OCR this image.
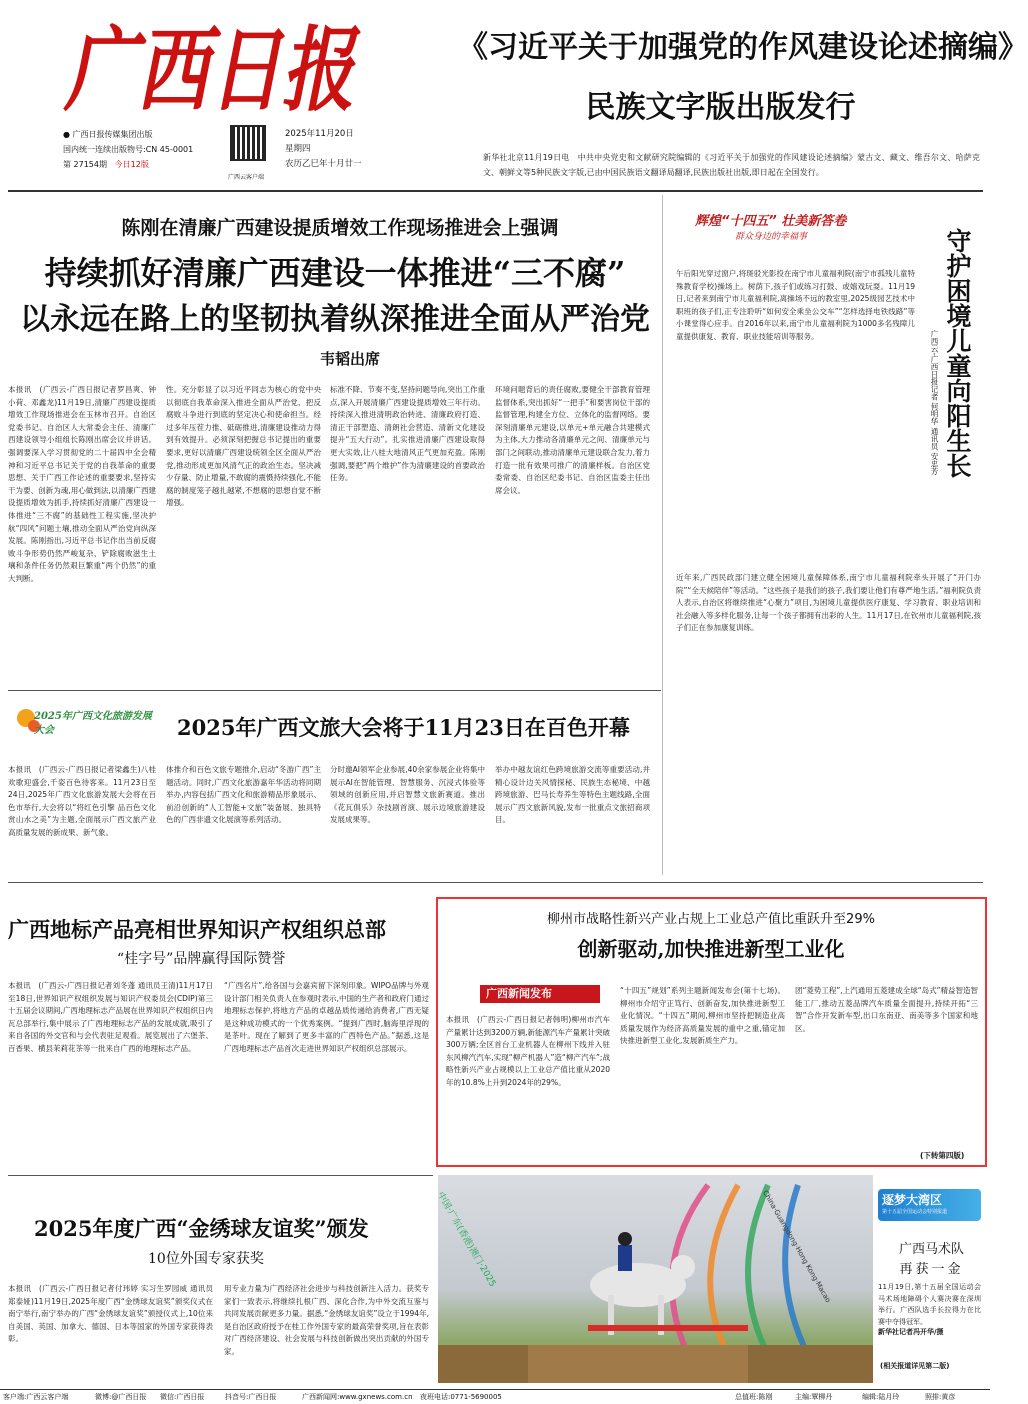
广西日报	《习近平关于加强党的作风建设论述摘编》
民族文字版出版发行
● 广西日报传媒集团出版
国内统一连续出版物号:CN 45-0001
第 27154期 今日12版
广西云客户端
2025年11月20日
星期四
农历乙巳年十月廿一
新华社北京11月19日电　中共中央党史和文献研究院编辑的《习近平关于加强党的作风建设论述摘编》蒙古文、藏文、维吾尔文、哈萨克文、朝鲜文等5种民族文字版,已由中国民族语文翻译局翻译,民族出版社出版,即日起在全国发行。
陈刚在清廉广西建设提质增效工作现场推进会上强调
持续抓好清廉广西建设一体推进“三不腐”
以永远在路上的坚韧执着纵深推进全面从严治党
韦韬出席
本报讯　(广西云-广西日报记者罗昌爽、钟小荷、邓鑫龙)11月19日,清廉广西建设提质增效工作现场推进会在玉林市召开。自治区党委书记、自治区人大常委会主任、清廉广西建设领导小组组长陈刚出席会议并讲话。强调要深入学习贯彻党的二十届四中全会精神和习近平总书记关于党的自我革命的重要思想、关于广西工作论述的重要要求,坚持实干为要、创新为魂,用心做到法,以清廉广西建设提质增效为抓手,持续抓好清廉广西建设一体推进“三不腐”的基础性工程实施,坚决护航“四风”问题土壤,推动全面从严治党向纵深发展。陈刚指出,习近平总书记作出当前反腐败斗争形势仍然严峻复杂、铲除腐败滋生土壤和条件任务仍然艰巨繁重“两个仍然”的重大判断。
性。充分彰显了以习近平同志为核心的党中央以彻底自我革命深入推进全面从严治党、把反腐败斗争进行到底的坚定决心和使命担当。经过多年压茬力推、砥砺推进,清廉建设推动力得到有效提升。必须深刻把握总书记提出的重要要求,更好以清廉广西建设统领全区全面从严治党,推动形成更加风清气正的政治生态。坚决减少存量、防止增量,不敢腐的震慑持续强化,不能腐的制度笼子越扎越紧,不想腐的思想自觉不断增强。
标准不降、节奏不变,坚持问题导向,突出工作重点,深入开展清廉广西建设提质增效三年行动。持续深入推进清明政治转进、清廉政府打造、清正干部塑造、清朗社会营造、清新文化建设提升“五大行动”。扎实推进清廉广西建设取得更大实效,让八桂大地清风正气更加充盈。陈刚强调,要把“两个维护”作为清廉建设的首要政治任务。
环境问题背后的责任腐败,要健全干部教育管理监督体系,突出抓好“一把手”和要害岗位干部的监督管理,构建全方位、立体化的监督网络。要深刻清廉单元建设,以单元+单元融合共建模式为主体,大力推动各清廉单元之间、清廉单元与部门之间联动,推动清廉单元建设联合发力,着力打造一批有效果可推广的清廉样板。自治区党委常委、自治区纪委书记、自治区监委主任出席会议。
辉煌“十四五” 壮美新答卷
群众身边的幸福事
午后阳光穿过窗户,将斑驳光影投在南宁市儿童福利院(南宁市孤残儿童特殊教育学校)操场上。树荫下,孩子们或练习打鼓、或嬉戏玩耍。11月19日,记者来到南宁市儿童福利院,离操场不远的教室里,2025级园艺技术中职班的孩子们,正专注聆听“如何安全乘坐公交车”“怎样选择电铁线路”等小课堂得心应手。自2016年以来,南宁市儿童福利院为1000多名残障儿童提供康复、教育、职业技能培训等服务。
近年来,广西民政部门建立健全困境儿童保障体系,南宁市儿童福利院牵头开展了“开门办院”“全天候陪伴”等活动。“这些孩子是我们的孩子,我们要让他们有尊严地生活。”福利院负责人表示,自治区将继续推进“心聚力”项目,为困境儿童提供医疗康复、学习教育、职业培训和社会融入等多样化服务,让每一个孩子都拥有出彩的人生。11月17日,在钦州市儿童福利院,孩子们正在参加康复训练。
守护困境儿童向阳生长
广西云-广西日报记者 何明华 通讯员 安忠芳
2025年广西文化旅游发展大会	2025年广西文旅大会将于11月23日在百色开幕
本报讯　(广西云-广西日报记者梁鑫生)八桂欢歌迎盛会,千姿百色待客来。11月23日至24日,2025年广西文化旅游发展大会将在百色市举行,大会将以“将红色引擎 品百色文化 赏山水之美”为主题,全面展示广西文旅产业高质量发展的新成果、新气象。
体推介和百色文旅专题推介,启动“冬游广西”主题活动。同时,广西文化旅游嘉年华活动将同期举办,内容包括广西文化和旅游精品形象展示、前沿创新的“人工智能+文旅”装备展、独具特色的广西非遗文化展演等系列活动。
分时邀AI领军企业参展,40余家参展企业将集中展示AI在智能管理、智慧服务、沉浸式体验等领域的创新应用,并启智慧文旅新赛道。推出《花瓦俱乐》杂技剧首演、展示边境旅游建设发展成果等。
举办中越友谊红色跨境旅游交流等重要活动,并精心设计边关风情探秘、民族生态秘境、中越跨境旅游、巴马长寿养生等特色主题线路,全面展示广西文旅新风貌,发布一批重点文旅招商项目。
广西地标产品亮相世界知识产权组织总部
“桂字号”品牌赢得国际赞誉
本报讯　(广西云-广西日报记者刘冬蓬 通讯员王清)11月17日至18日,世界知识产权组织发展与知识产权委员会(CDIP)第三十五届会议期间,广西地理标志产品展在世界知识产权组织日内瓦总部举行,集中展示了广西地理标志产品的发展成就,吸引了来自各国的外交官和与会代表驻足观看。展览展出了六堡茶、百香果、横县茉莉花茶等一批来自广西的地理标志产品。
“广西名片”,给各国与会嘉宾留下深刻印象。WIPO品牌与外观设计部门相关负责人在参观时表示,中国的生产者和政府门通过地理标志保护,将地方产品的卓越品质传递给消费者,广西无疑是这种成功模式的一个优秀案例。“提到广西时,脑海里浮现的是茶叶。现在了解到了更多丰富的广西特色产品。”据悉,这是广西地理标志产品首次走进世界知识产权组织总部展示。
2025年度广西“金绣球友谊奖”颁发
10位外国专家获奖
本报讯　(广西云-广西日报记者付玮婷 实习生罗园威 通讯员郑泰娅)11月19日,2025年度广西“金绣球友谊奖”颁奖仪式在南宁举行,南宁举办的广西“金绣球友谊奖”颁授仪式上,10位来自美国、英国、加拿大、德国、日本等国家的外国专家获得表彰。
用专业力量为广西经济社会进步与科技创新注入活力。获奖专家们一致表示,将继续扎根广西、深化合作,为中外交流互鉴与共同发展贡献更多力量。据悉,“金绣球友谊奖”设立于1994年,是自治区政府授予在桂工作外国专家的最高荣誉奖项,旨在表彰对广西经济建设、社会发展与科技创新做出突出贡献的外国专家。
柳州市战略性新兴产业占规上工业总产值比重跃升至29%
创新驱动,加快推进新型工业化
广西新闻发布
本报讯　(广西云-广西日报记者韩明)柳州市汽车产量累计达到3200万辆,新能源汽车产量累计突破300万辆;全区首台工业机器人在柳州下线并入驻东风柳汽汽车,实现“柳产机器人”造“柳产汽车”;战略性新兴产业占规模以上工业总产值比重从2020年的10.8%上升到2024年的29%。
“十四五”规划”系列主题新闻发布会(第十七场)。柳州市介绍守正笃行、创新奋发,加快推进新型工业化情况。“十四五”期间,柳州市坚持把制造业高质量发展作为经济高质量发展的重中之重,锚定加快推进新型工业化,发展新质生产力。
团“菱势工程”,上汽通用五菱建成全球“岛式”精益智造智能工厂,推动五菱品牌汽车质量全面提升,持续开拓“三智”合作开发新车型,出口东南亚、南美等多个国家和地区。
(下转第四版)
中国·广东(香港)澳门·2025	China·Guangdong·Hong Kong·Macao	逐梦大湾区
第十五届全国运动会特别报道
广西马术队
再获一金
11月19日,第十五届全国运动会马术场地障碍个人赛决赛在深圳举行。广西队选手长拉得力在比赛中夺得冠军。
新华社记者冯开华/摄
(相关报道详见第二版)
客户端:广西云客户端	微博:@广西日报 微信:广西日报	抖音号:广西日报	广西新闻网:www.gxnews.com.cn 夜班电话:0771-5690005	总值班:陈刚	主编:覃柳丹	编辑:陆月玲	照排:黄彦
